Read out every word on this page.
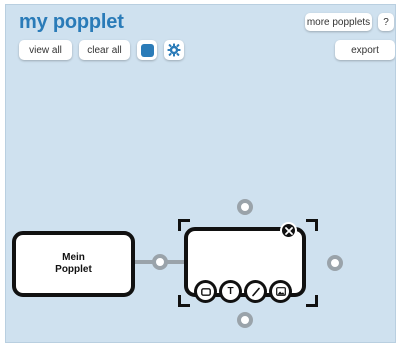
my popplet
view all	clear all
more popplets	?
export
Mein
Popplet
T
